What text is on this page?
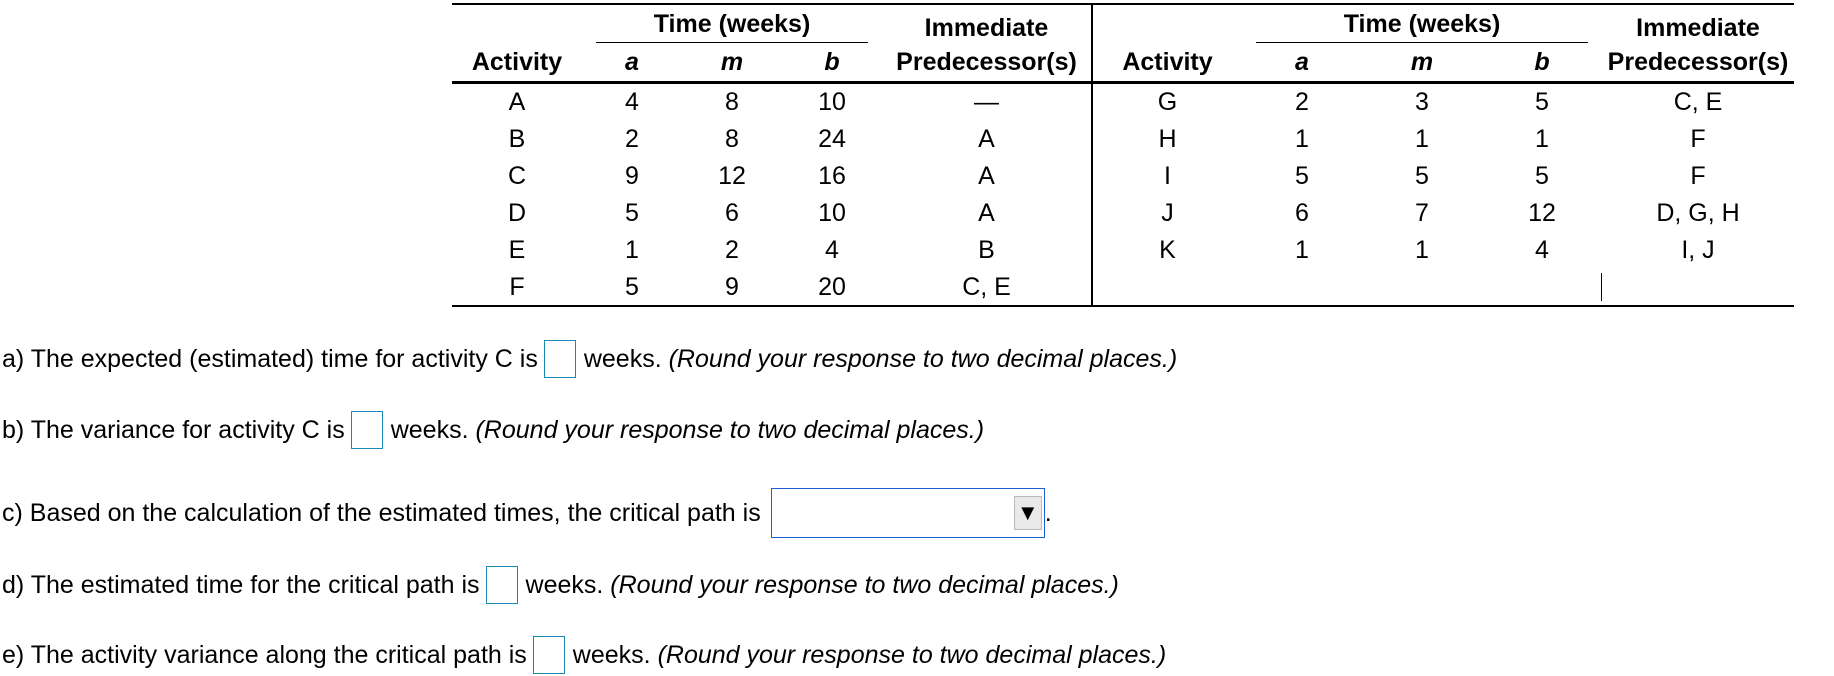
	Time (weeks)			Immediate		Time (weeks)			Immediate
Activity	a	m	b	Predecessor(s)	Activity	a	m	b	Predecessor(s)
A	4	8	10	—	G	2	3	5	C, E
B	2	8	24	A	H	1	1	1	F
C	9	12	16	A	I	5	5	5	F
D	5	6	10	A	J	6	7	12	D, G, H
E	1	2	4	B	K	1	1	4	I, J
F	5	9	20	C, E				

a) The expected (estimated) time for activity C is weeks.
(Round your response to two decimal places.)
b) The variance for activity C is weeks.
(Round your response to two decimal places.)
c) Based on the calculation of the estimated times, the critical path is	▼ .
d) The estimated time for the critical path is weeks.
(Round your response to two decimal places.)
e) The activity variance along the critical path is weeks.
(Round your response to two decimal places.)
